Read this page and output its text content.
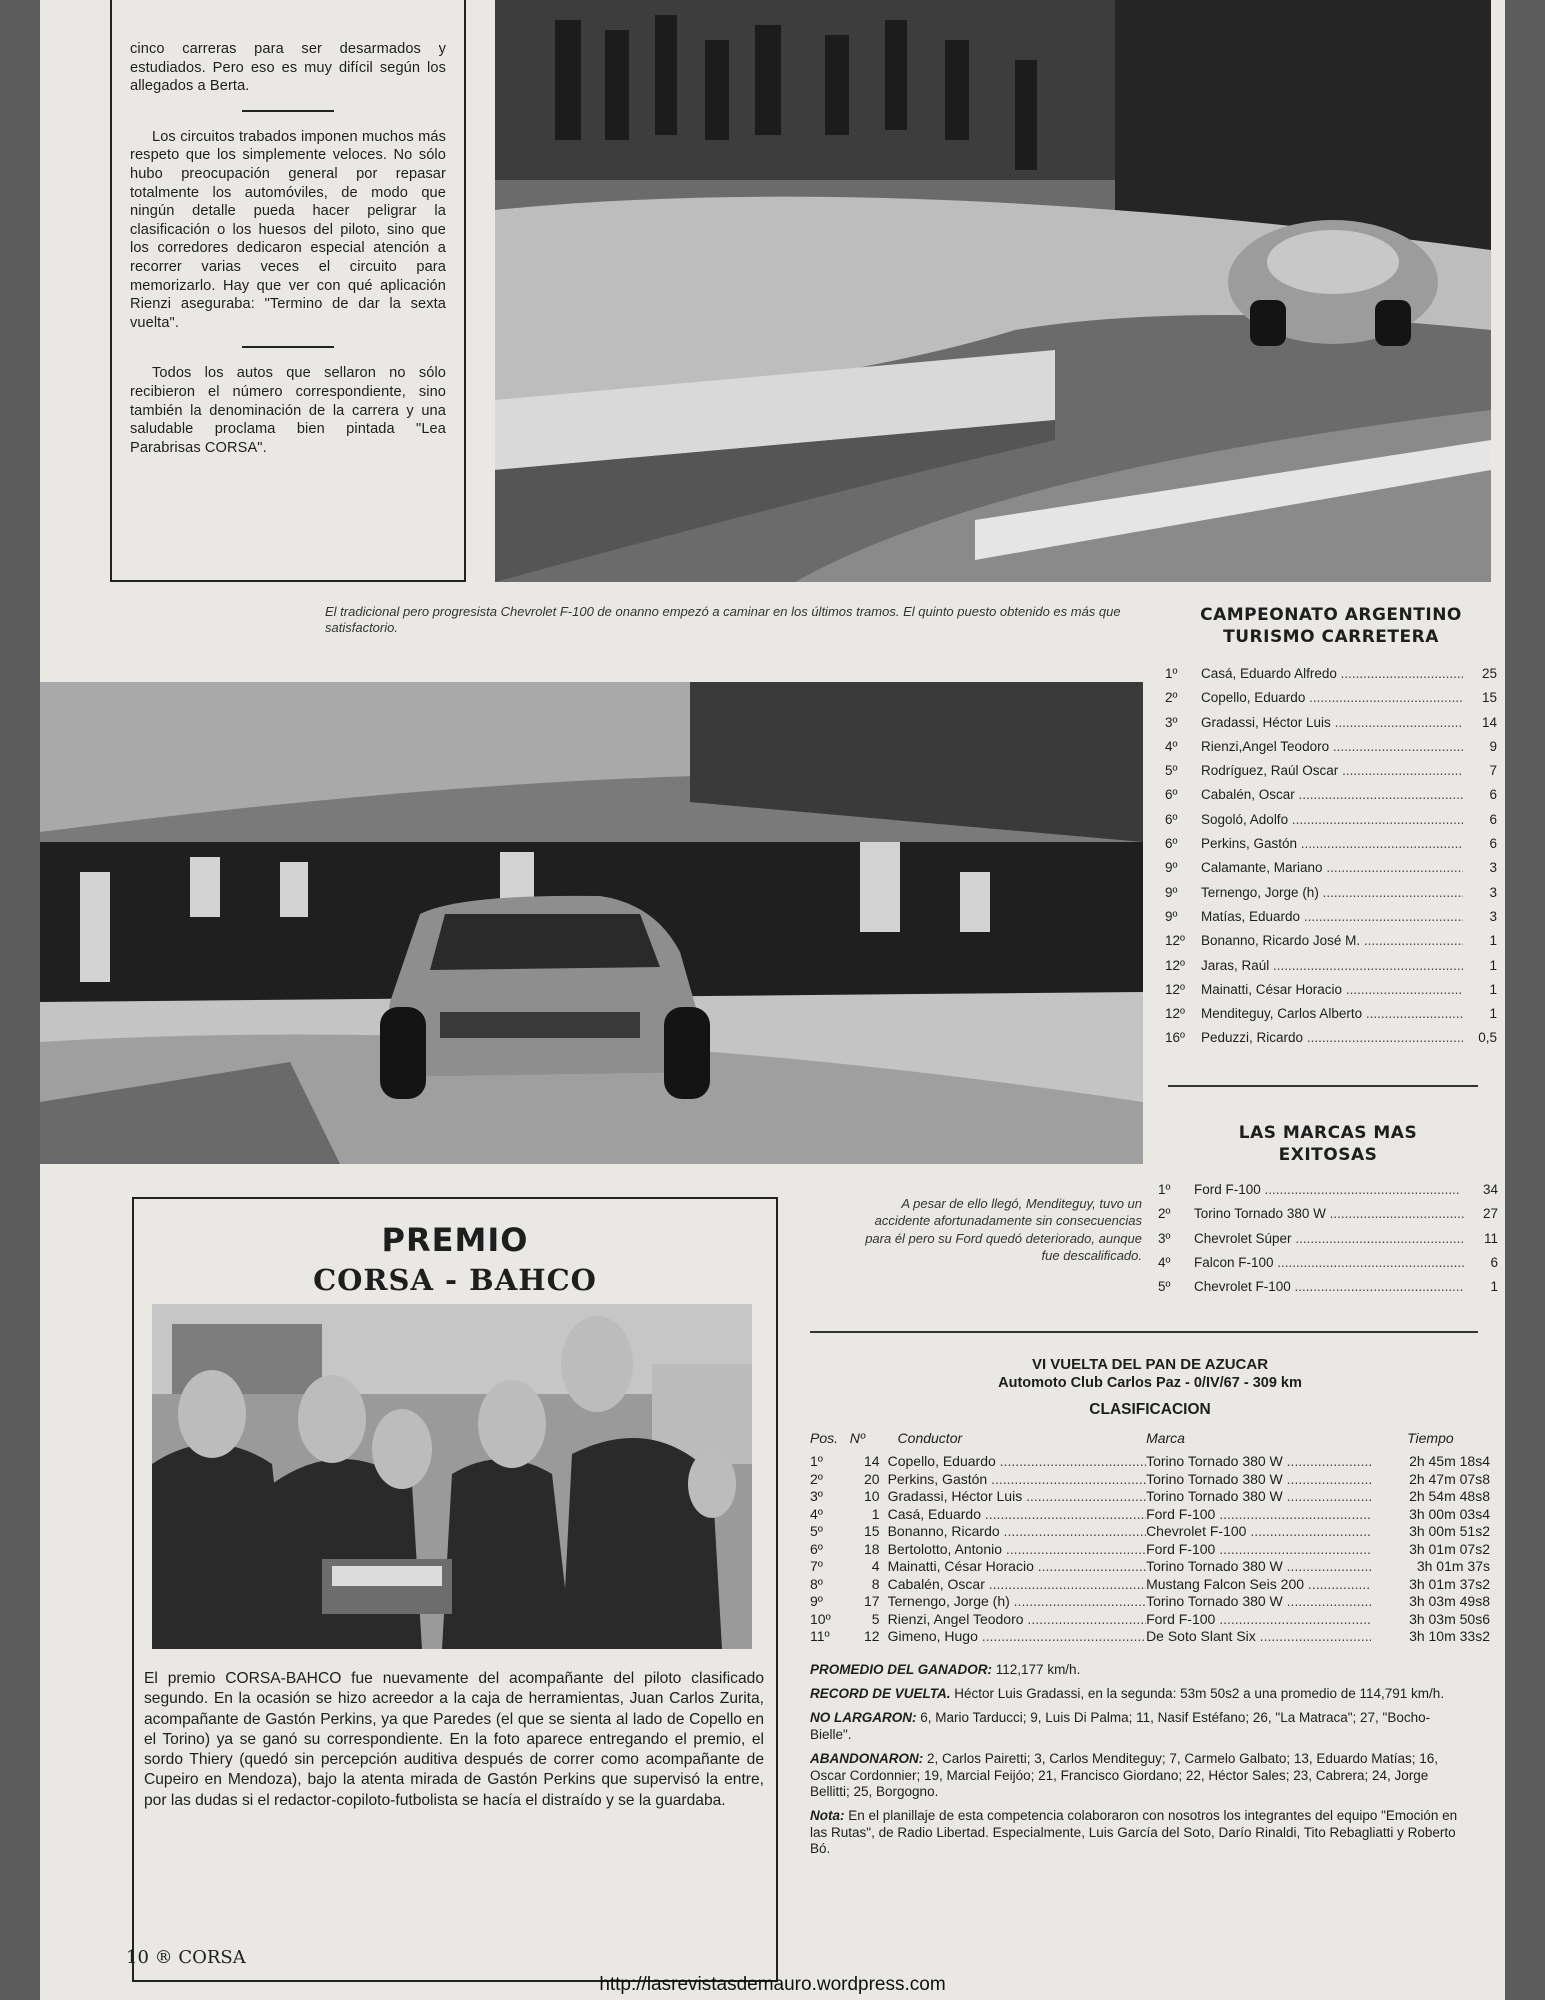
cinco carreras para ser desarmados y estudiados. Pero eso es muy difícil según los allegados a Berta.

Los circuitos trabados imponen muchos más respeto que los simplemente veloces. No sólo hubo preocupación general por repasar totalmente los automóviles, de modo que ningún detalle pueda hacer peligrar la clasificación o los huesos del piloto, sino que los corredores dedicaron especial atención a recorrer varias veces el circuito para memorizarlo. Hay que ver con qué aplicación Rienzi aseguraba: "Termino de dar la sexta vuelta".

Todos los autos que sellaron no sólo recibieron el número correspondiente, sino también la denominación de la carrera y una saludable proclama bien pintada "Lea Parabrisas CORSA".

El tradicional pero progresista Chevrolet F-100 de onanno empezó a caminar en los últimos tramos. El quinto puesto obtenido es más que satisfactorio.
CAMPEONATO ARGENTINO
TURISMO CARRETERA
1º	Casá, Eduardo Alfredo .....	25
2º	Copello, Eduardo .....	15
3º	Gradassi, Héctor Luis .....	14
4º	Rienzi,Angel Teodoro .....	9
5º	Rodríguez, Raúl Oscar .....	7
6º	Cabalén, Oscar .....	6
6º	Sogoló, Adolfo .....	6
6º	Perkins, Gastón .....	6
9º	Calamante, Mariano .....	3
9º	Ternengo, Jorge (h) .....	3
9º	Matías, Eduardo .....	3
12º	Bonanno, Ricardo José M. .....	1
12º	Jaras, Raúl .....	1
12º	Mainatti, César Horacio .....	1
12º	Menditeguy, Carlos Alberto .....	1
16º	Peduzzi, Ricardo .....	0,5
A pesar de ello llegó, Menditeguy, tuvo un accidente afortunadamente sin consecuencias para él pero su Ford quedó deteriorado, aunque fue descalificado.
LAS MARCAS MAS
EXITOSAS
1º	Ford F-100 .....	34
2º	Torino Tornado 380 W .....	27
3º	Chevrolet Súper .....	11
4º	Falcon F-100 .....	6
5º	Chevrolet F-100 .....	1
PREMIO
CORSA - BAHCO
El premio CORSA-BAHCO fue nuevamente del acompañante del piloto clasificado segundo. En la ocasión se hizo acreedor a la caja de herramientas, Juan Carlos Zurita, acompañante de Gastón Perkins, ya que Paredes (el que se sienta al lado de Copello en el Torino) ya se ganó su correspondiente. En la foto aparece entregando el premio, el sordo Thiery (quedó sin percepción auditiva después de correr como acompañante de Cupeiro en Mendoza), bajo la atenta mirada de Gastón Perkins que supervisó la entre, por las dudas si el redactor-copiloto-futbolista se hacía el distraído y se la guardaba.
VI VUELTA DEL PAN DE AZUCAR
Automoto Club Carlos Paz - 0/IV/67 - 309 km
CLASIFICACION
Pos. Nº	Conductor	Marca	Tiempo
1º	14 Copello, Eduardo .....	Torino Tornado 380 W .....	2h 45m 18s4
2º	20 Perkins, Gastón .....	Torino Tornado 380 W .....	2h 47m 07s8
3º	10 Gradassi, Héctor Luis .....	Torino Tornado 380 W .....	2h 54m 48s8
4º	1 Casá, Eduardo .....	Ford F-100 .....	3h 00m 03s4
5º	15 Bonanno, Ricardo .....	Chevrolet F-100 .....	3h 00m 51s2
6º	18 Bertolotto, Antonio .....	Ford F-100 .....	3h 01m 07s2
7º	4 Mainatti, César Horacio .....	Torino Tornado 380 W .....	3h 01m 37s
8º	8 Cabalén, Oscar .....	Mustang Falcon Seis 200 .....	3h 01m 37s2
9º	17 Ternengo, Jorge (h) .....	Torino Tornado 380 W .....	3h 03m 49s8
10º	5 Rienzi, Angel Teodoro .....	Ford F-100 .....	3h 03m 50s6
11º	12 Gimeno, Hugo .....	De Soto Slant Six .....	3h 10m 33s2
PROMEDIO DEL GANADOR: 112,177 km/h.
RECORD DE VUELTA. Héctor Luis Gradassi, en la segunda: 53m 50s2 a una promedio de 114,791 km/h.
NO LARGARON: 6, Mario Tarducci; 9, Luis Di Palma; 11, Nasif Estéfano; 26, "La Matraca"; 27, "Bocho-Bielle".
ABANDONARON: 2, Carlos Pairetti; 3, Carlos Menditeguy; 7, Carmelo Galbato; 13, Eduardo Matías; 16, Oscar Cordonnier; 19, Marcial Feijóo; 21, Francisco Giordano; 22, Héctor Sales; 23, Cabrera; 24, Jorge Bellitti; 25, Borgogno.
Nota: En el planillaje de esta competencia colaboraron con nosotros los integrantes del equipo "Emoción en las Rutas", de Radio Libertad. Especialmente, Luis García del Soto, Darío Rinaldi, Tito Rebagliatti y Roberto Bó.
10 ® CORSA
http://lasrevistasdemauro.wordpress.com
